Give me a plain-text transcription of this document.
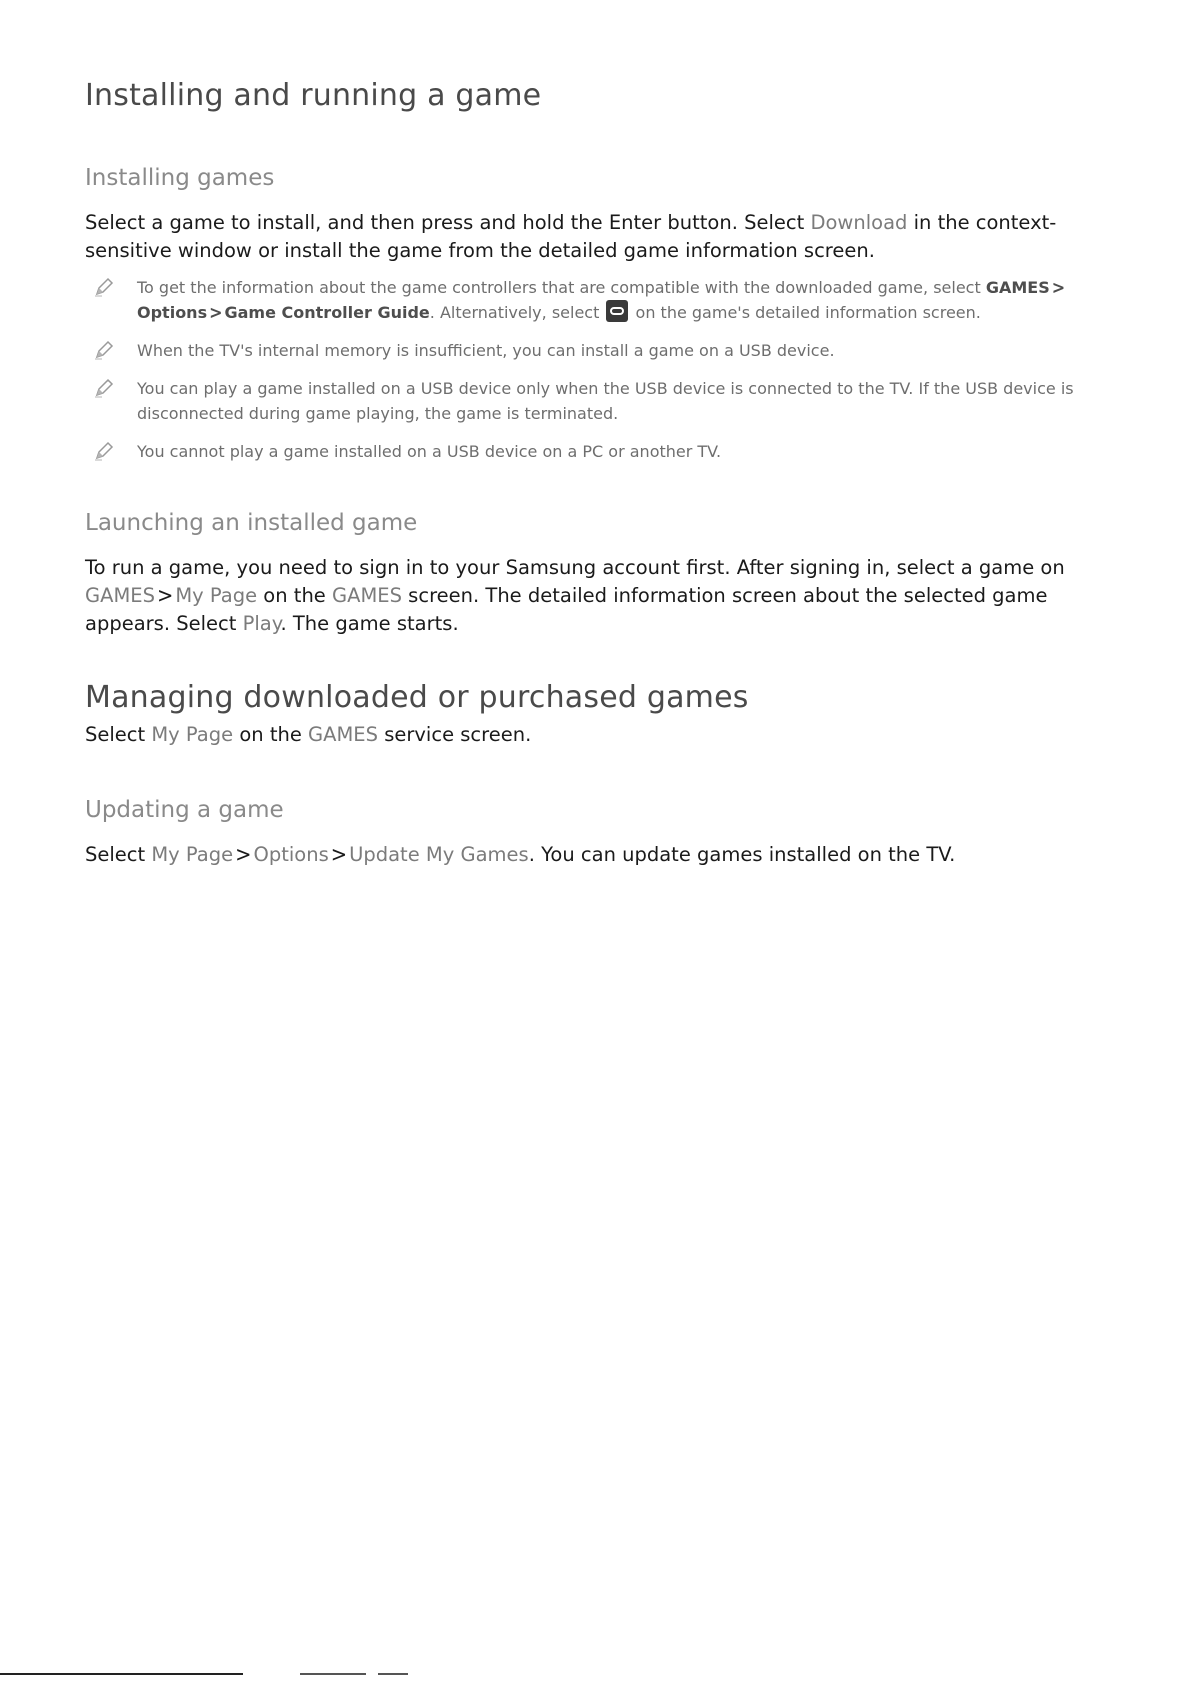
Installing and running a game
Installing games

Select a game to install, and then press and hold the Enter button. Select Download in the context-sensitive window or install the game from the detailed game information screen.

To get the information about the game controllers that are compatible with the downloaded game, select GAMES >Options > Game Controller Guide. Alternatively, select  on the game's detailed information screen.
When the TV's internal memory is insufficient, you can install a game on a USB device.
You can play a game installed on a USB device only when the USB device is connected to the TV. If the USB device is disconnected during game playing, the game is terminated.
You cannot play a game installed on a USB device on a PC or another TV.
Launching an installed game

To run a game, you need to sign in to your Samsung account first. After signing in, select a game on GAMES > My Page on the GAMES screen. The detailed information screen about the selected game appears. Select Play. The game starts.

Managing downloaded or purchased games

Select My Page on the GAMES service screen.

Updating a game

Select My Page > Options > Update My Games. You can update games installed on the TV.
